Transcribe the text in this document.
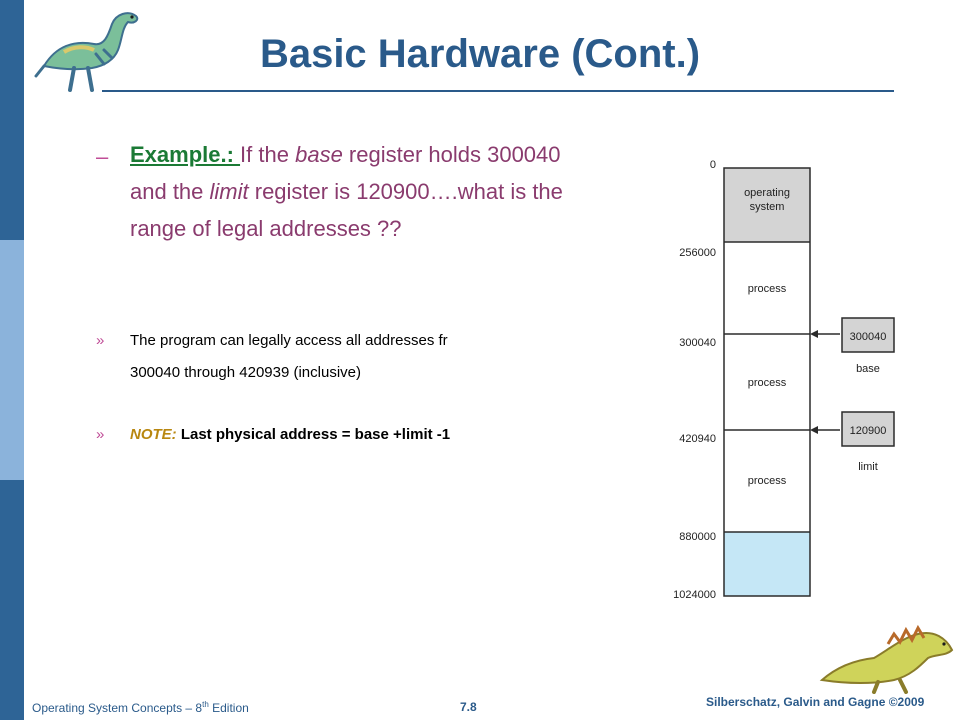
Basic Hardware (Cont.)
– Example.: If the base register holds 300040 and the limit register is 120900….what is the range of legal addresses ??
» The program can legally access all addresses fr
300040 through 420939 (inclusive)
» NOTE: Last physical address = base +limit -1
0
256000
300040
420940
880000
1024000
operating system
process
process
process
300040
base
120900
limit
Operating System Concepts – 8th Edition	7.8	Silberschatz, Galvin and Gagne ©2009
